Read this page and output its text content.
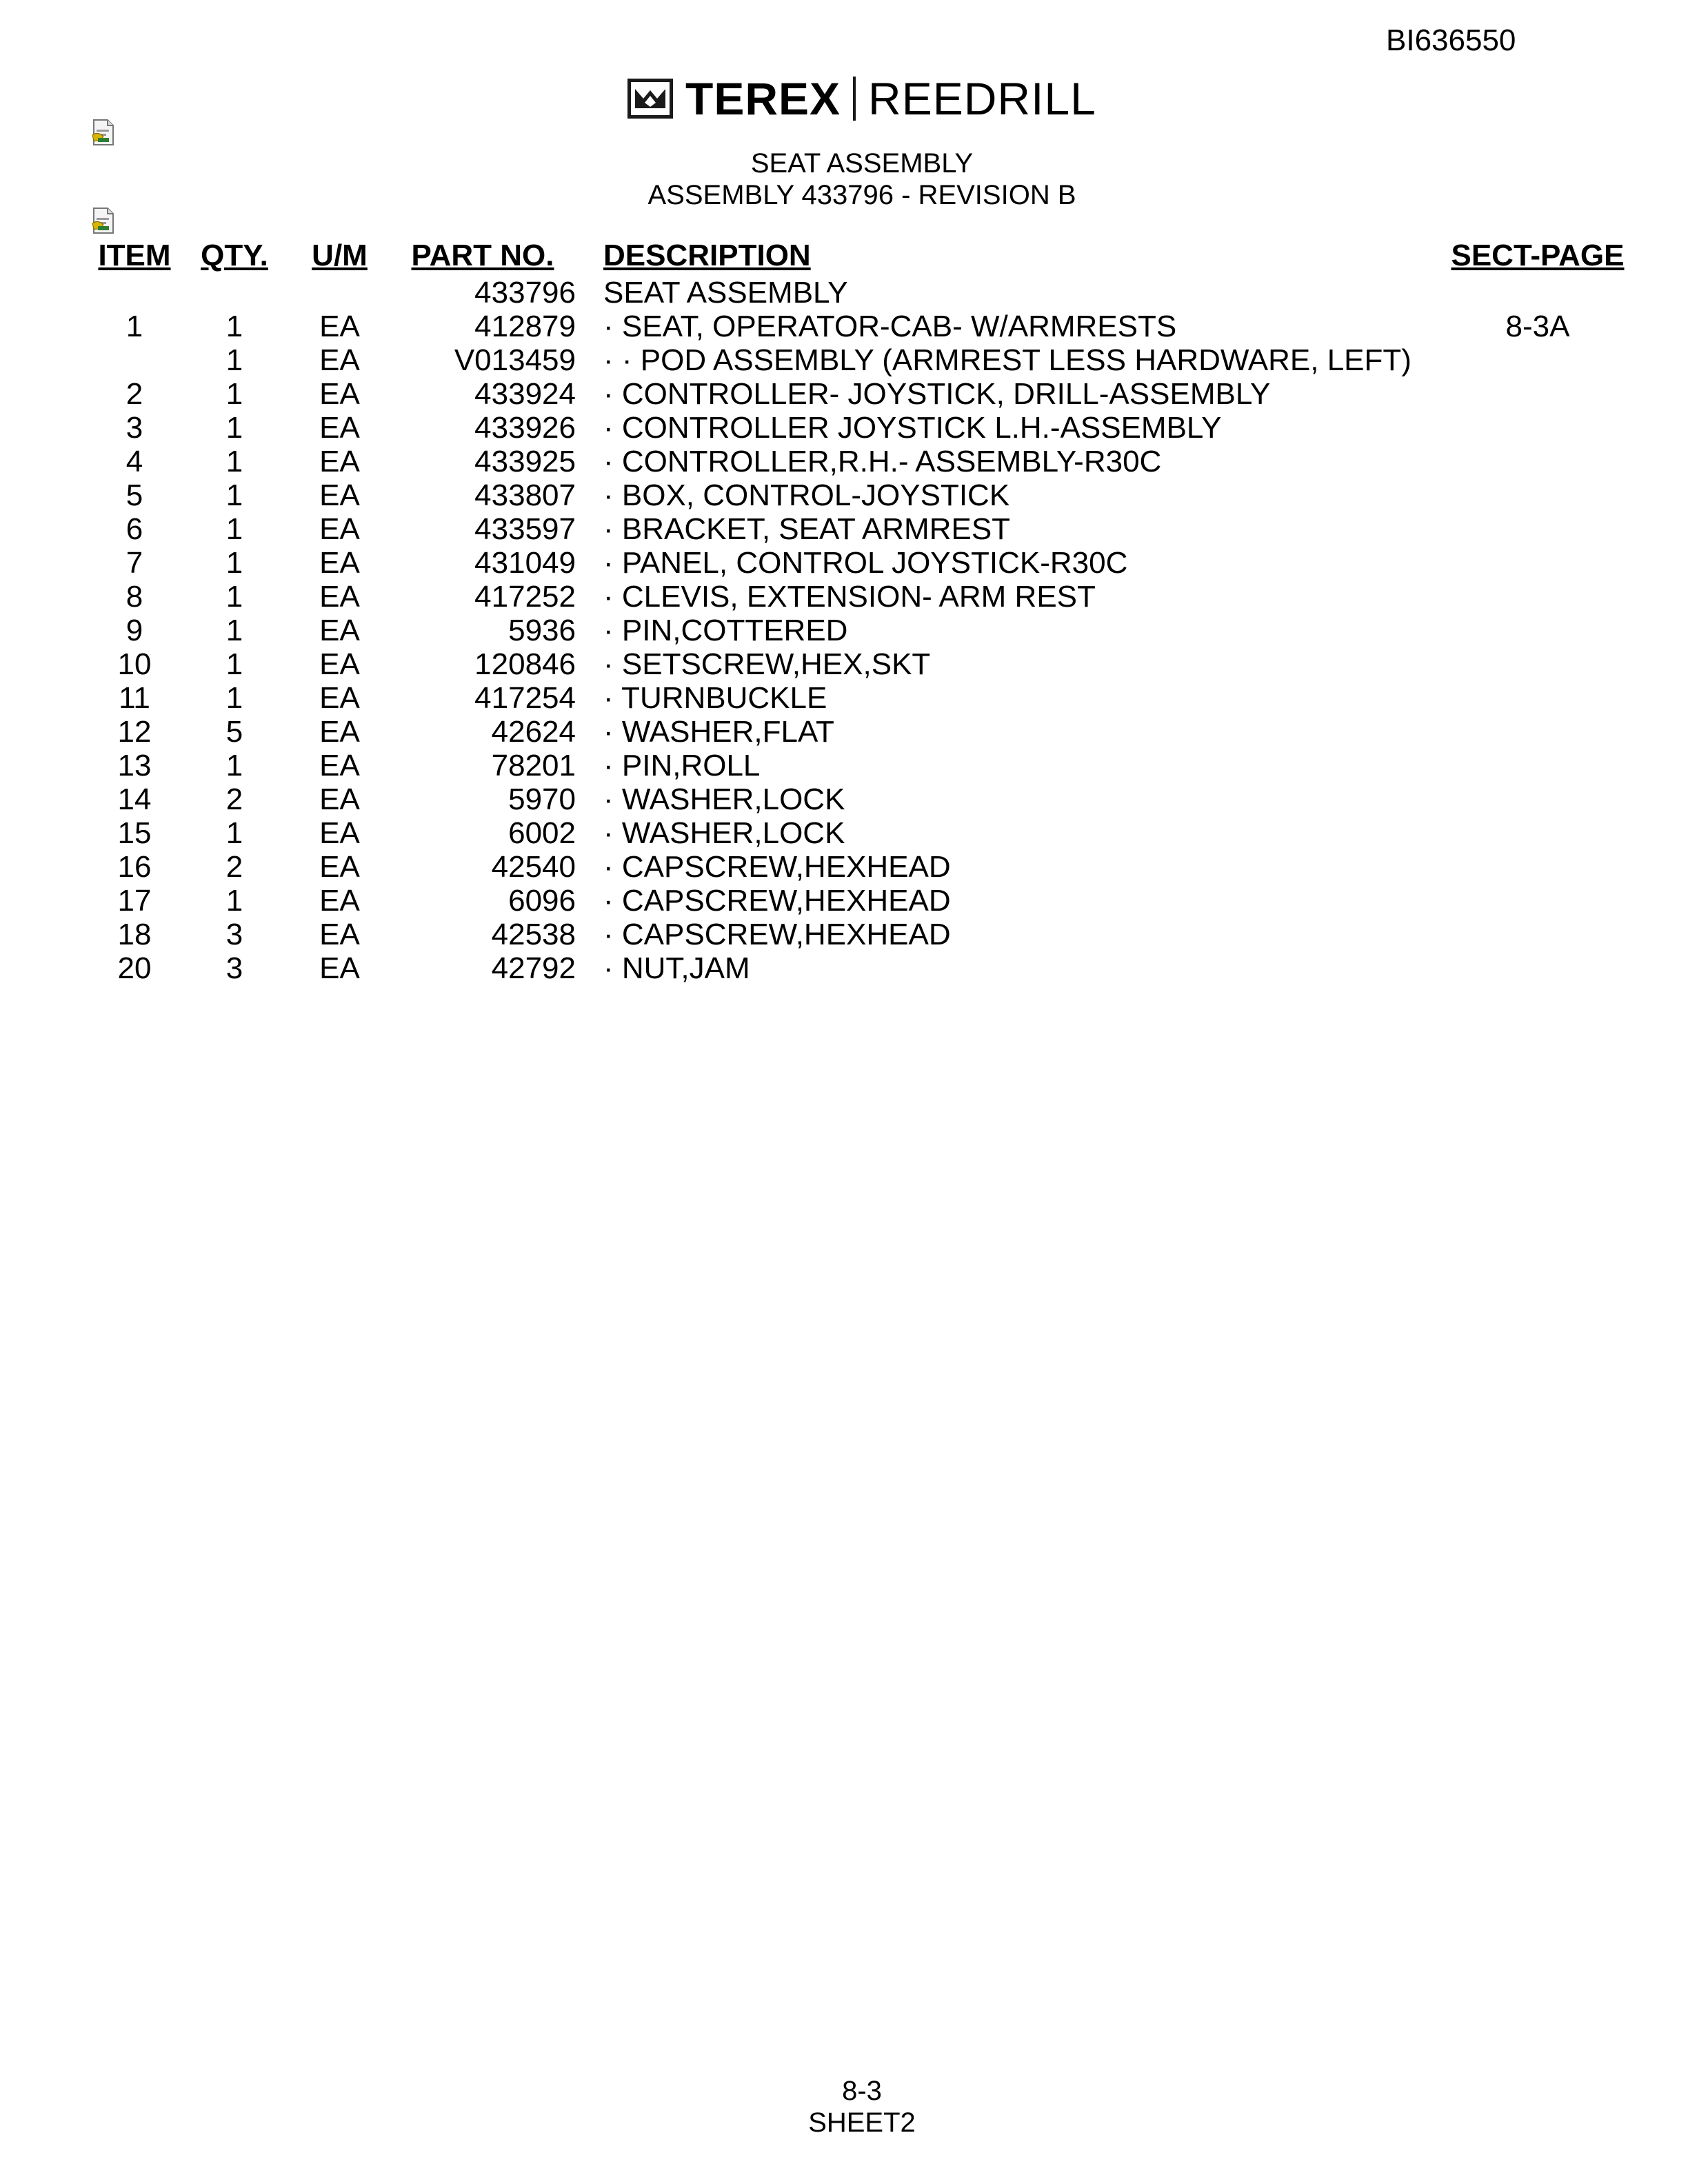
BI636550
TEREX REEDRILL
SEAT ASSEMBLY
ASSEMBLY 433796 - REVISION B
ITEM	QTY.	U/M	PART NO.	DESCRIPTION	SECT-PAGE
			433796	SEAT ASSEMBLY	
1	1	EA	412879	· SEAT, OPERATOR-CAB- W/ARMRESTS	8-3A
	1	EA	V013459	· · POD ASSEMBLY (ARMREST LESS HARDWARE, LEFT)	
2	1	EA	433924	· CONTROLLER- JOYSTICK, DRILL-ASSEMBLY	
3	1	EA	433926	· CONTROLLER JOYSTICK L.H.-ASSEMBLY	
4	1	EA	433925	· CONTROLLER,R.H.- ASSEMBLY-R30C	
5	1	EA	433807	· BOX, CONTROL-JOYSTICK	
6	1	EA	433597	· BRACKET, SEAT ARMREST	
7	1	EA	431049	· PANEL, CONTROL JOYSTICK-R30C	
8	1	EA	417252	· CLEVIS, EXTENSION- ARM REST	
9	1	EA	5936	· PIN,COTTERED	
10	1	EA	120846	· SETSCREW,HEX,SKT	
11	1	EA	417254	· TURNBUCKLE	
12	5	EA	42624	· WASHER,FLAT	
13	1	EA	78201	· PIN,ROLL	
14	2	EA	5970	· WASHER,LOCK	
15	1	EA	6002	· WASHER,LOCK	
16	2	EA	42540	· CAPSCREW,HEXHEAD	
17	1	EA	6096	· CAPSCREW,HEXHEAD	
18	3	EA	42538	· CAPSCREW,HEXHEAD	
20	3	EA	42792	· NUT,JAM	
8-3
SHEET2
